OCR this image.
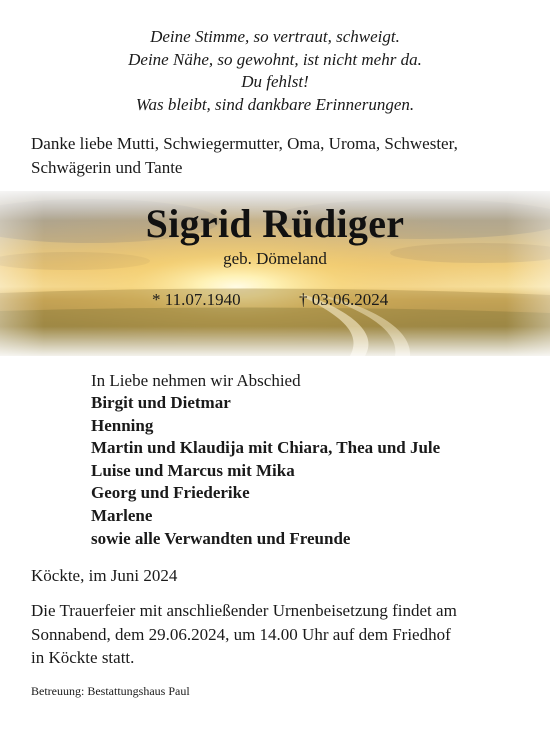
Deine Stimme, so vertraut, schweigt.
Deine Nähe, so gewohnt, ist nicht mehr da.
Du fehlst!
Was bleibt, sind dankbare Erinnerungen.
Danke liebe Mutti, Schwiegermutter, Oma, Uroma, Schwester, Schwägerin und Tante
Sigrid Rüdiger
geb. Dömeland
* 11.07.1940	† 03.06.2024
In Liebe nehmen wir Abschied
Birgit und Dietmar
Henning
Martin und Klaudija mit Chiara, Thea und Jule
Luise und Marcus mit Mika
Georg und Friederike
Marlene
sowie alle Verwandten und Freunde
Köckte, im Juni 2024
Die Trauerfeier mit anschließender Urnenbeisetzung findet am
Sonnabend, dem 29.06.2024, um 14.00 Uhr auf dem Friedhof
in Köckte statt.
Betreuung: Bestattungshaus Paul
